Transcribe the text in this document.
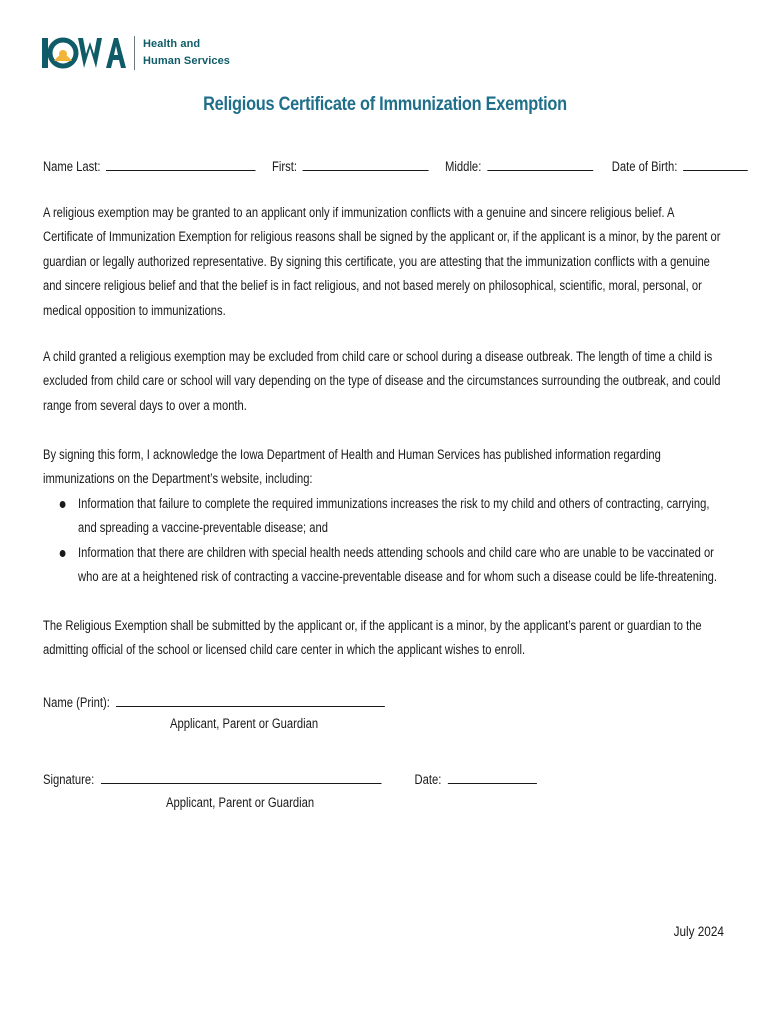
Health and
Human Services
Religious Certificate of Immunization Exemption
Name Last:	First:	Middle:	Date of Birth:

A religious exemption may be granted to an applicant only if immunization conflicts with a genuine and sincere religious belief. A Certificate of Immunization Exemption for religious reasons shall be signed by the applicant or, if the applicant is a minor, by the parent or guardian or legally authorized representative. By signing this certificate, you are attesting that the immunization conflicts with a genuine and sincere religious belief and that the belief is in fact religious, and not based merely on philosophical, scientific, moral, personal, or medical opposition to immunizations.

A child granted a religious exemption may be excluded from child care or school during a disease outbreak. The length of time a child is excluded from child care or school will vary depending on the type of disease and the circumstances surrounding the outbreak, and could range from several days to over a month.

By signing this form, I acknowledge the Iowa Department of Health and Human Services has published information regarding immunizations on the Department’s website, including:

Information that failure to complete the required immunizations increases the risk to my child and others of contracting, carrying, and spreading a vaccine-preventable disease; and
Information that there are children with special health needs attending schools and child care who are unable to be vaccinated or who are at a heightened risk of contracting a vaccine-preventable disease and for whom such a disease could be life-threatening.

The Religious Exemption shall be submitted by the applicant or, if the applicant is a minor, by the applicant’s parent or guardian to the admitting official of the school or licensed child care center in which the applicant wishes to enroll.

Name (Print):
Applicant, Parent or Guardian
Signature:	Date:
Applicant, Parent or Guardian
July 2024
